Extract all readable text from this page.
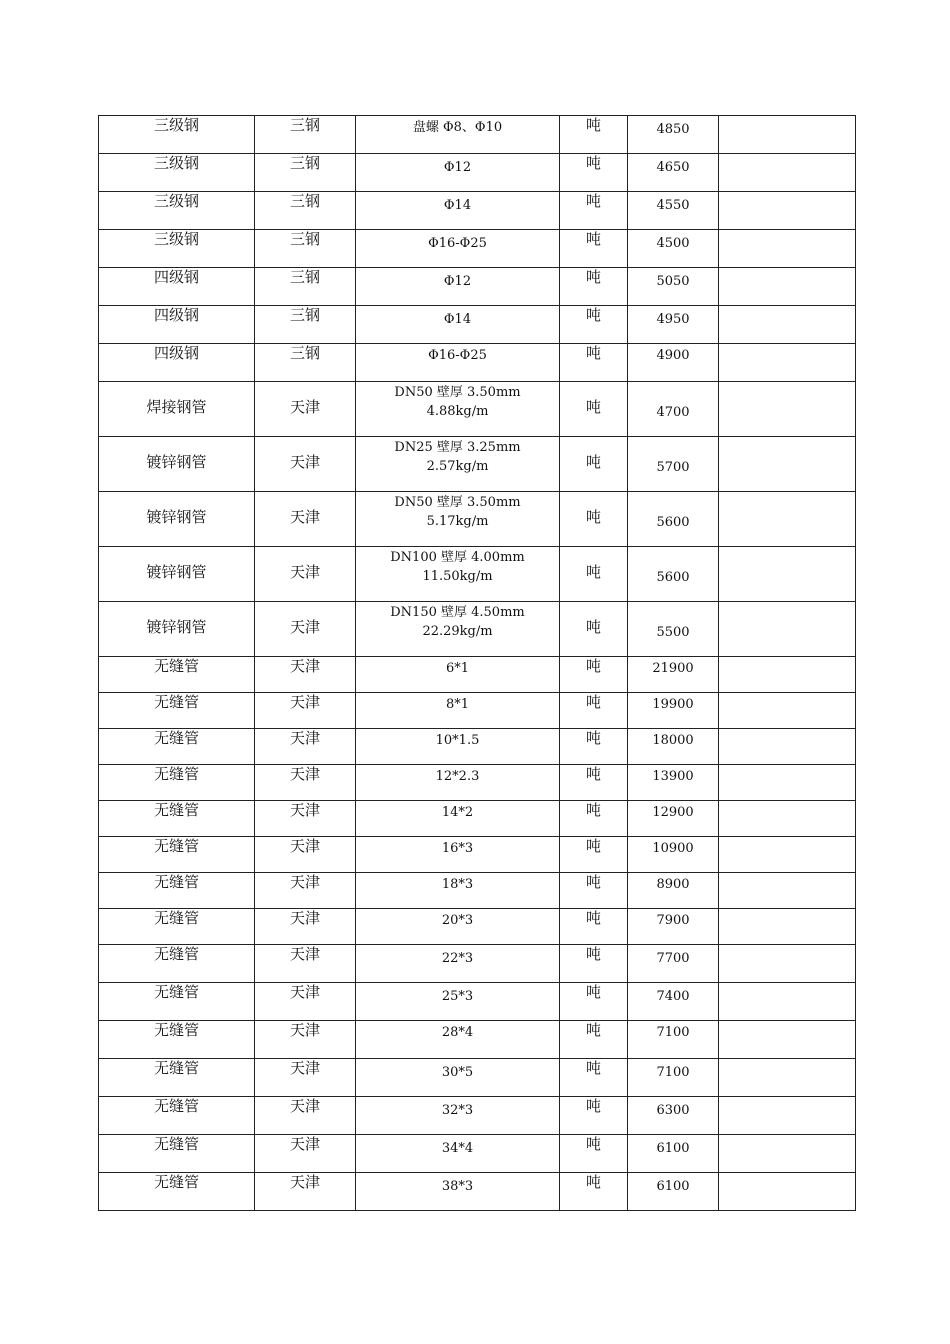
三级钢	三钢	盘螺 Φ8、Φ10	吨	4850	

三级钢	三钢	Φ12	吨	4650	

三级钢	三钢	Φ14	吨	4550	

三级钢	三钢	Φ16-Φ25	吨	4500	

四级钢	三钢	Φ12	吨	5050	

四级钢	三钢	Φ14	吨	4950	

四级钢	三钢	Φ16-Φ25	吨	4900	

焊接钢管	天津	DN50 壁厚 3.50mm
4.88kg/m	吨	4700	

镀锌钢管	天津	DN25 壁厚 3.25mm
2.57kg/m	吨	5700	

镀锌钢管	天津	DN50 壁厚 3.50mm
5.17kg/m	吨	5600	

镀锌钢管	天津	DN100 壁厚 4.00mm
11.50kg/m	吨	5600	

镀锌钢管	天津	DN150 壁厚 4.50mm
22.29kg/m	吨	5500	

无缝管	天津	6*1	吨	21900	

无缝管	天津	8*1	吨	19900	

无缝管	天津	10*1.5	吨	18000	

无缝管	天津	12*2.3	吨	13900	

无缝管	天津	14*2	吨	12900	

无缝管	天津	16*3	吨	10900	

无缝管	天津	18*3	吨	8900	

无缝管	天津	20*3	吨	7900	

无缝管	天津	22*3	吨	7700	

无缝管	天津	25*3	吨	7400	

无缝管	天津	28*4	吨	7100	

无缝管	天津	30*5	吨	7100	

无缝管	天津	32*3	吨	6300	

无缝管	天津	34*4	吨	6100	

无缝管	天津	38*3	吨	6100	
